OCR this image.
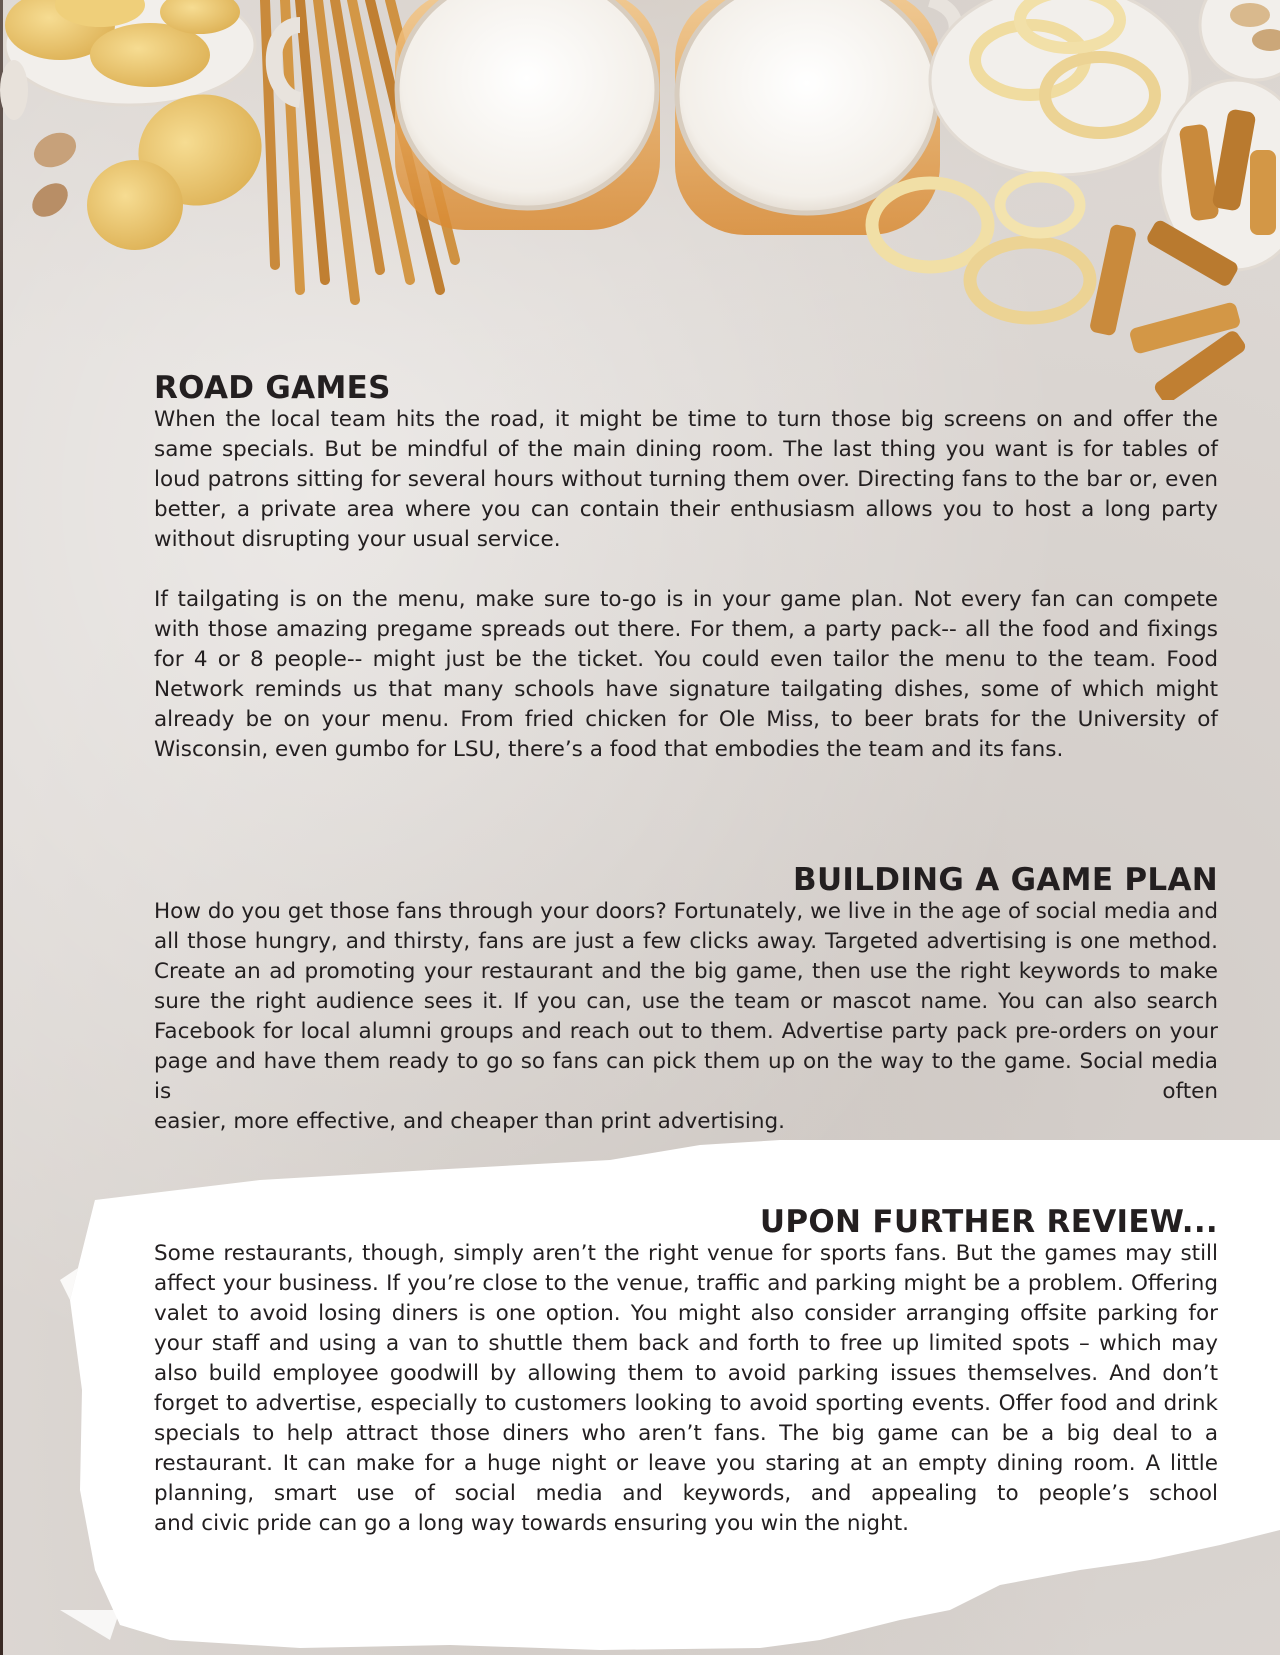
ROAD GAMES

When the local team hits the road, it might be time to turn those big screens on and offer the same specials. But be mindful of the main dining room. The last thing you want is for tables of loud patrons sitting for several hours without turning them over. Directing fans to the bar or, even better, a private area where you can contain their enthusiasm allows you to host a long party without disrupting your usual service.

If tailgating is on the menu, make sure to-go is in your game plan. Not every fan can compete with those amazing pregame spreads out there. For them, a party pack-- all the food and fixings for 4 or 8 people-- might just be the ticket. You could even tailor the menu to the team. Food Network reminds us that many schools have signature tailgating dishes, some of which might already be on your menu. From fried chicken for Ole Miss, to beer brats for the University of Wisconsin, even gumbo for LSU, there’s a food that embodies the team and its fans.

BUILDING A GAME PLAN

How do you get those fans through your doors? Fortunately, we live in the age of social media and all those hungry, and thirsty, fans are just a few clicks away. Targeted advertising is one method. Create an ad promoting your restaurant and the big game, then use the right keywords to make sure the right audience sees it. If you can, use the team or mascot name. You can also search Facebook for local alumni groups and reach out to them. Advertise party pack pre-orders on your page and have them ready to go so fans can pick them up on the way to the game. Social media is often

easier, more effective, and cheaper than print advertising.

UPON FURTHER REVIEW...

Some restaurants, though, simply aren’t the right venue for sports fans. But the games may still affect your business. If you’re close to the venue, traffic and parking might be a problem. Offering valet to avoid losing diners is one option. You might also consider arranging offsite parking for your staff and using a van to shuttle them back and forth to free up limited spots – which may also build employee goodwill by allowing them to avoid parking issues themselves. And don’t forget to advertise, especially to customers looking to avoid sporting events. Offer food and drink specials to help attract those diners who aren’t fans. The big game can be a big deal to a restaurant. It can make for a huge night or leave you staring at an empty dining room. A little planning, smart use of social media and keywords, and appealing to people’s school

and civic pride can go a long way towards ensuring you win the night.
